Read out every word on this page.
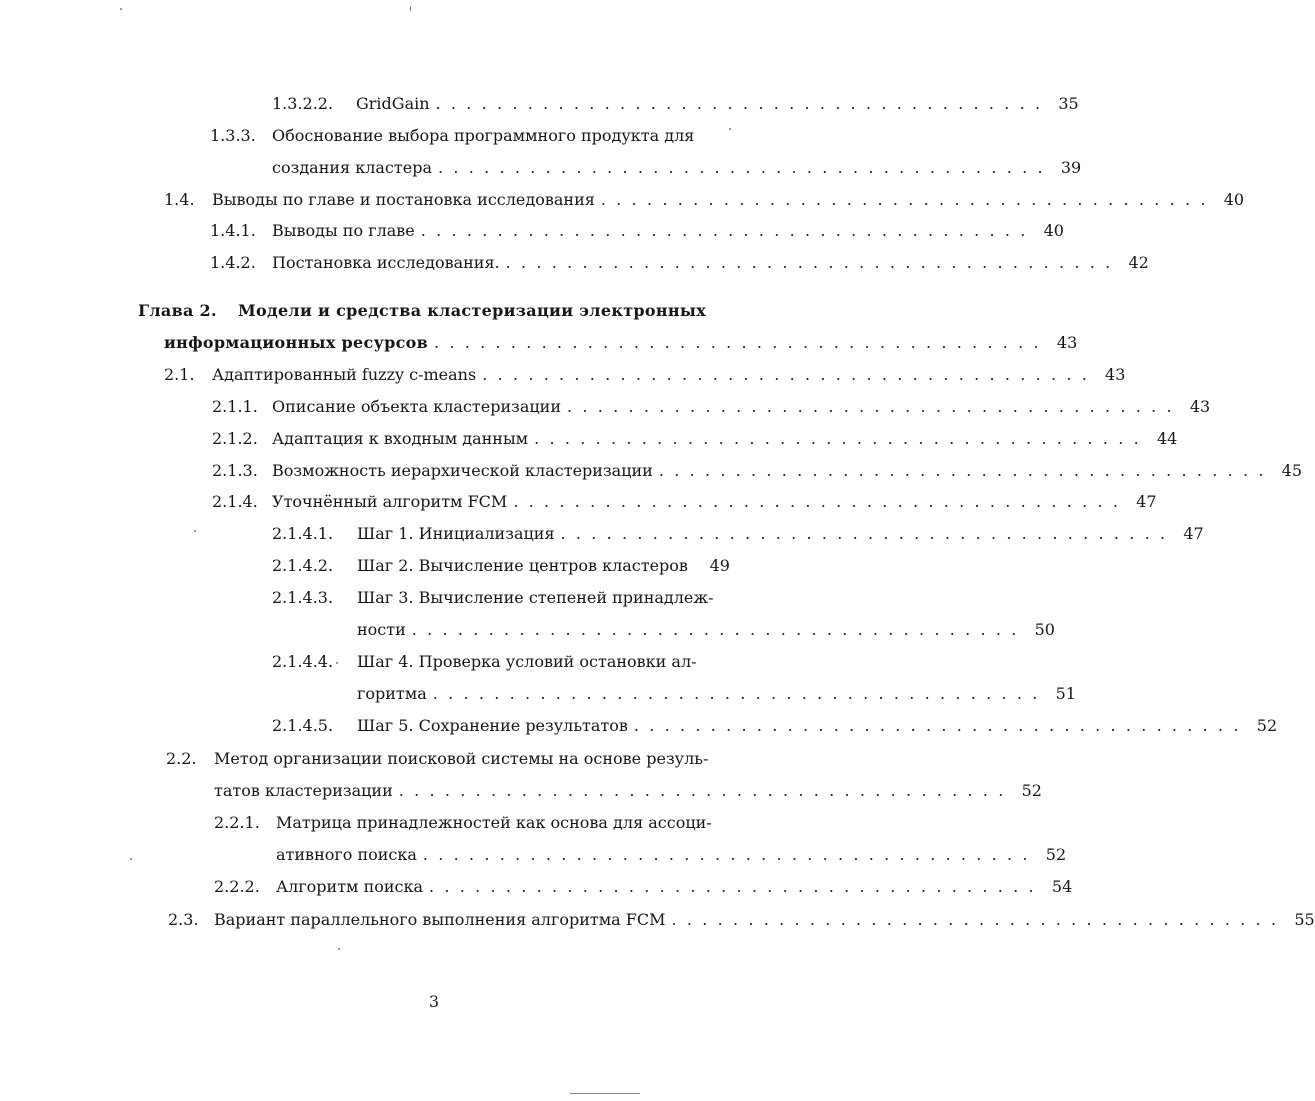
1.3.2.2. GridGain . . . . . . . . . . . . . . . . . . . . . . . . . . . . . . . . . . . . . . . . 35
1.3.3. Обоснование выбора программного продукта для
создания кластера . . . . . . . . . . . . . . . . . . . . . . . . . . . . . . . . . . . . . . . . 39
1.4. Выводы по главе и постановка исследования . . . . . . . . . . . . . . . . . . . . . . . . . . . . . . . . . . . . . . . . 40
1.4.1. Выводы по главе . . . . . . . . . . . . . . . . . . . . . . . . . . . . . . . . . . . . . . . . 40
1.4.2. Постановка исследования. . . . . . . . . . . . . . . . . . . . . . . . . . . . . . . . . . . . . . . . . 42
Глава 2. Модели и средства кластеризации электронных
информационных ресурсов . . . . . . . . . . . . . . . . . . . . . . . . . . . . . . . . . . . . . . . . 43
2.1. Адаптированный fuzzy c-means . . . . . . . . . . . . . . . . . . . . . . . . . . . . . . . . . . . . . . . . 43
2.1.1. Описание объекта кластеризации . . . . . . . . . . . . . . . . . . . . . . . . . . . . . . . . . . . . . . . . 43
2.1.2. Адаптация к входным данным . . . . . . . . . . . . . . . . . . . . . . . . . . . . . . . . . . . . . . . . 44
2.1.3. Возможность иерархической кластеризации . . . . . . . . . . . . . . . . . . . . . . . . . . . . . . . . . . . . . . . . 45
2.1.4. Уточнённый алгоритм FCM . . . . . . . . . . . . . . . . . . . . . . . . . . . . . . . . . . . . . . . . 47
2.1.4.1. Шаг 1. Инициализация . . . . . . . . . . . . . . . . . . . . . . . . . . . . . . . . . . . . . . . . 47
2.1.4.2. Шаг 2. Вычисление центров кластеров	49
2.1.4.3. Шаг 3. Вычисление степеней принадлеж-
ности . . . . . . . . . . . . . . . . . . . . . . . . . . . . . . . . . . . . . . . . 50
2.1.4.4. Шаг 4. Проверка условий остановки ал-
горитма . . . . . . . . . . . . . . . . . . . . . . . . . . . . . . . . . . . . . . . . 51
2.1.4.5. Шаг 5. Сохранение результатов . . . . . . . . . . . . . . . . . . . . . . . . . . . . . . . . . . . . . . . . 52
2.2. Метод организации поисковой системы на основе резуль-
татов кластеризации . . . . . . . . . . . . . . . . . . . . . . . . . . . . . . . . . . . . . . . . 52
2.2.1. Матрица принадлежностей как основа для ассоци-
ативного поиска . . . . . . . . . . . . . . . . . . . . . . . . . . . . . . . . . . . . . . . . 52
2.2.2. Алгоритм поиска . . . . . . . . . . . . . . . . . . . . . . . . . . . . . . . . . . . . . . . . 54
2.3. Вариант параллельного выполнения алгоритма FCM . . . . . . . . . . . . . . . . . . . . . . . . . . . . . . . . . . . . . . . . 55
3
